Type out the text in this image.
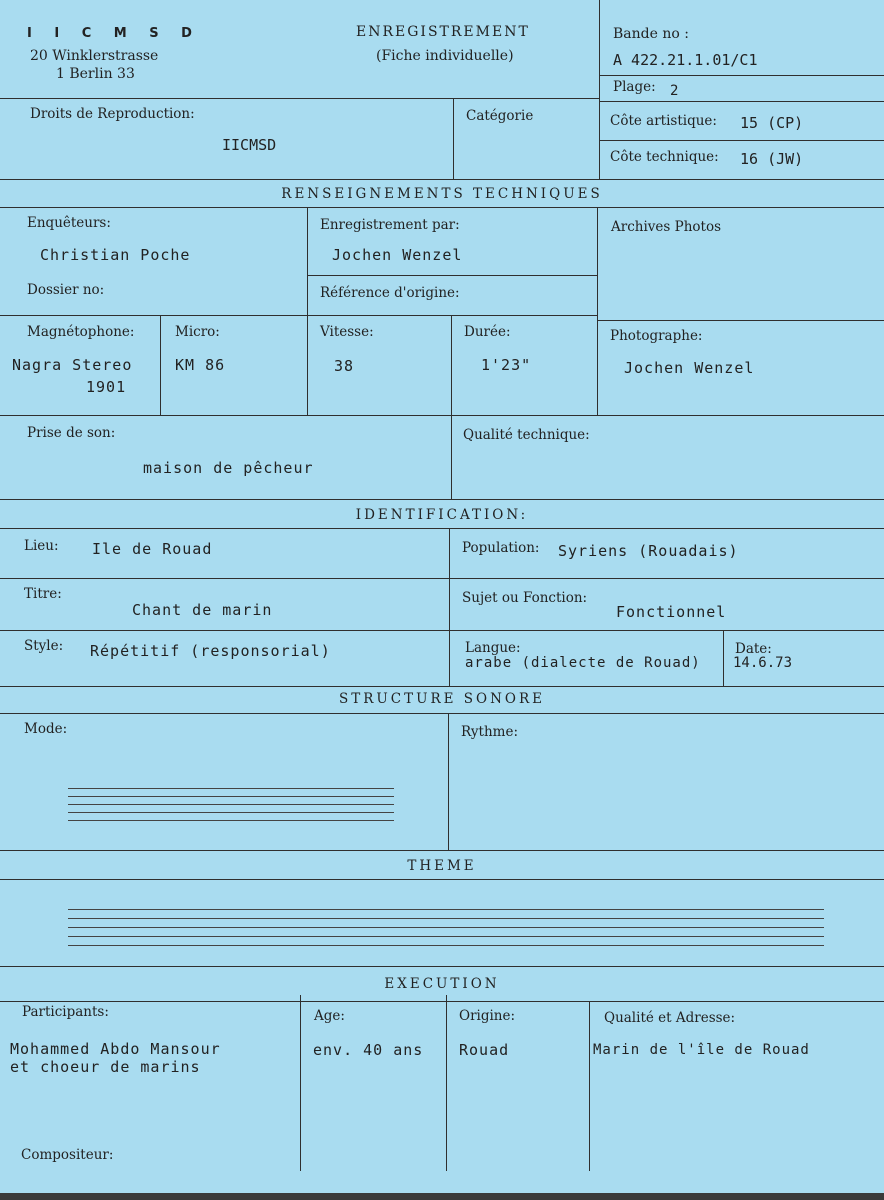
I I C M S D
20 Winklerstrasse
1 Berlin 33
ENREGISTREMENT
(Fiche individuelle)
Bande no :
A 422.21.1.01/C1
Plage: 2
Droits de Reproduction:
IICMSD
Catégorie	Côte artistique: 15 (CP)
Côte technique: 16 (JW)
RENSEIGNEMENTS TECHNIQUES
Enquêteurs:
Christian Poche
Enregistrement par:
Jochen Wenzel
Archives Photos
Dossier no:	Référence d'origine:
Magnétophone:
Nagra Stereo
1901
Micro:
KM 86
Vitesse:
38
Durée:
1'23"
Photographe:
Jochen Wenzel
Prise de son:
maison de pêcheur
Qualité technique:
IDENTIFICATION:
Lieu: Ile de Rouad	Population: Syriens (Rouadais)
Titre:
Chant de marin
Sujet ou Fonction:
Fonctionnel
Style: Répétitif (responsorial)	Langue:
arabe (dialecte de Rouad)
Date:
14.6.73
STRUCTURE SONORE
Mode:	Rythme:
THEME
EXECUTION
Participants:
Mohammed Abdo Mansour
et choeur de marins
Age:
env. 40 ans
Origine:
Rouad
Qualité et Adresse:
Marin de l'île de Rouad
Compositeur:
